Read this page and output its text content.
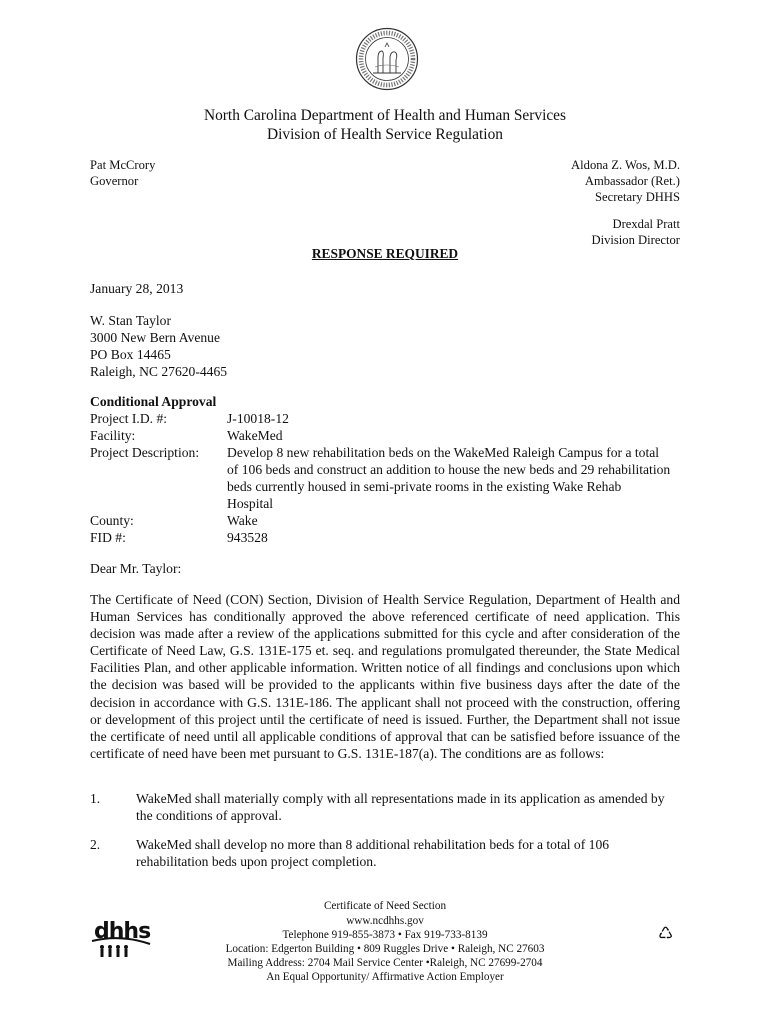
North Carolina Department of Health and Human Services
Division of Health Service Regulation
Pat McCrory
Governor
Aldona Z. Wos, M.D.
Ambassador (Ret.)
Secretary DHHS
Drexdal Pratt
Division Director
RESPONSE REQUIRED
January 28, 2013
W. Stan Taylor
3000 New Bern Avenue
PO Box 14465
Raleigh, NC 27620-4465
Conditional Approval
Project I.D. #:	J-10018-12
Facility:	WakeMed
Project Description: Develop 8 new rehabilitation beds on the WakeMed Raleigh Campus for a total
of 106 beds and construct an addition to house the new beds and 29 rehabilitation
beds currently housed in semi-private rooms in the existing Wake Rehab
Hospital
County:	Wake
FID #:	943528
Dear Mr. Taylor:
The Certificate of Need (CON) Section, Division of Health Service Regulation, Department of Health and Human Services has conditionally approved the above referenced certificate of need application. This decision was made after a review of the applications submitted for this cycle and after consideration of the Certificate of Need Law, G.S. 131E-175 et. seq. and regulations promulgated thereunder, the State Medical Facilities Plan, and other applicable information. Written notice of all findings and conclusions upon which the decision was based will be provided to the applicants within five business days after the date of the decision in accordance with G.S. 131E-186. The applicant shall not proceed with the construction, offering or development of this project until the certificate of need is issued. Further, the Department shall not issue the certificate of need until all applicable conditions of approval that can be satisfied before issuance of the certificate of need have been met pursuant to G.S. 131E-187(a). The conditions are as follows:
1.	WakeMed shall materially comply with all representations made in its application as amended by the conditions of approval.
2.	WakeMed shall develop no more than 8 additional rehabilitation beds for a total of 106 rehabilitation beds upon project completion.
dhhs
Certificate of Need Section
www.ncdhhs.gov
Telephone 919-855-3873 • Fax 919-733-8139
Location: Edgerton Building • 809 Ruggles Drive • Raleigh, NC 27603
Mailing Address: 2704 Mail Service Center •Raleigh, NC 27699-2704
An Equal Opportunity/ Affirmative Action Employer
♺
